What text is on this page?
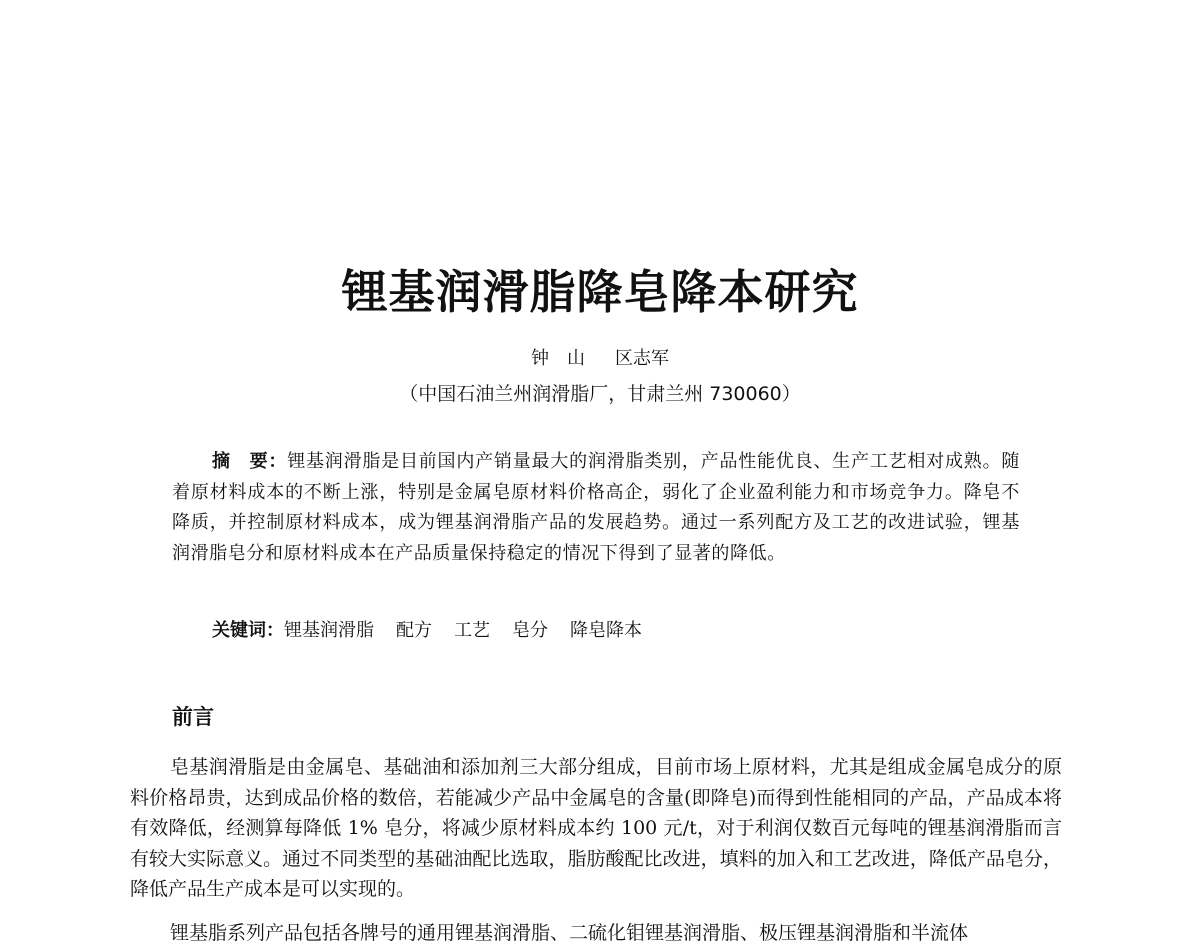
锂基润滑脂降皂降本研究
钟　山 区志军
（中国石油兰州润滑脂厂，甘肃兰州 730060）
摘　要：锂基润滑脂是目前国内产销量最大的润滑脂类别，产品性能优良、生产工艺相对成熟。随着原材料成本的不断上涨，特别是金属皂原材料价格高企，弱化了企业盈利能力和市场竞争力。降皂不降质，并控制原材料成本，成为锂基润滑脂产品的发展趋势。通过一系列配方及工艺的改进试验，锂基润滑脂皂分和原材料成本在产品质量保持稳定的情况下得到了显著的降低。
关键词：锂基润滑脂 配方 工艺 皂分 降皂降本
前言
皂基润滑脂是由金属皂、基础油和添加剂三大部分组成，目前市场上原材料，尤其是组成金属皂成分的原料价格昂贵，达到成品价格的数倍，若能减少产品中金属皂的含量(即降皂)而得到性能相同的产品，产品成本将有效降低，经测算每降低 1% 皂分，将减少原材料成本约 100 元/t，对于利润仅数百元每吨的锂基润滑脂而言有较大实际意义。通过不同类型的基础油配比选取，脂肪酸配比改进，填料的加入和工艺改进，降低产品皂分，降低产品生产成本是可以实现的。
锂基脂系列产品包括各牌号的通用锂基润滑脂、二硫化钼锂基润滑脂、极压锂基润滑脂和半流体
